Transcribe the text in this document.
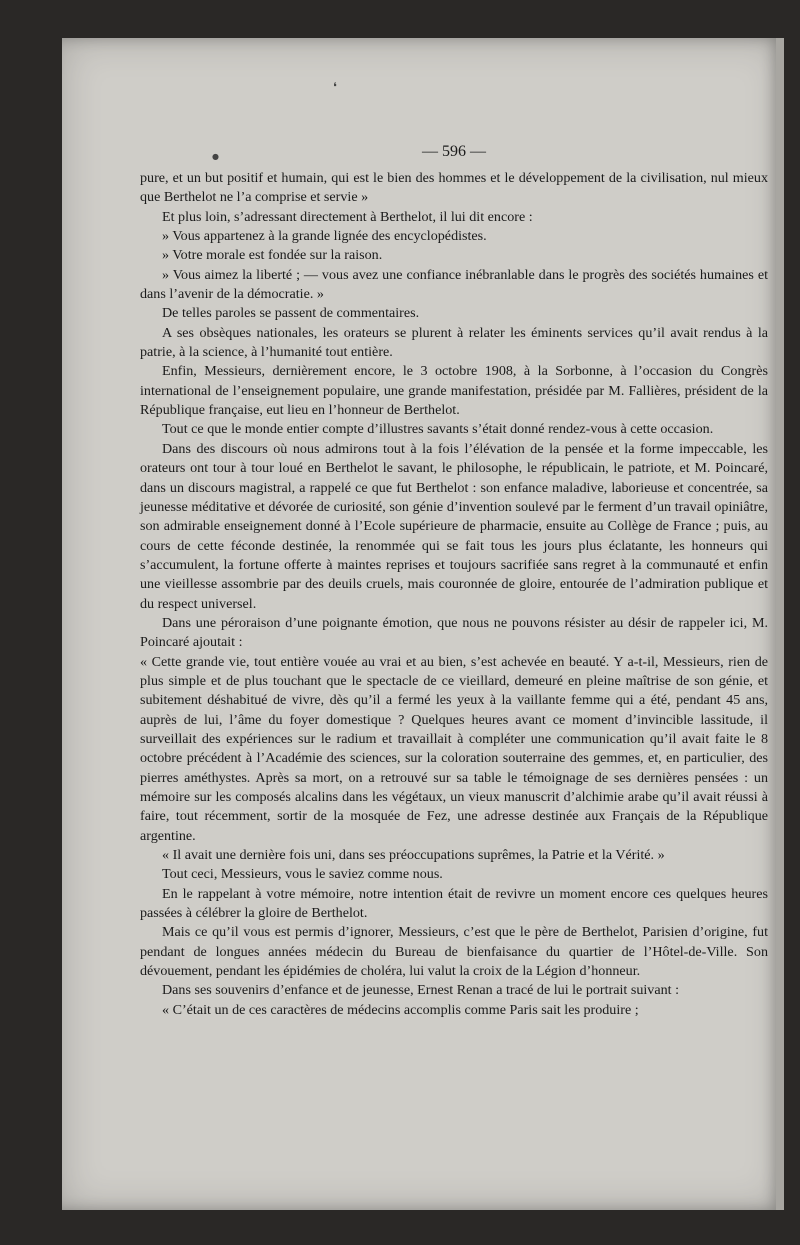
❛
●	— 596 —

pure, et un but positif et humain, qui est le bien des hommes et le développement de la civilisation, nul mieux que Berthelot ne l’a comprise et servie »

Et plus loin, s’adressant directement à Berthelot, il lui dit encore :

» Vous appartenez à la grande lignée des encyclopédistes.

» Votre morale est fondée sur la raison.

» Vous aimez la liberté ; — vous avez une confiance inébranlable dans le progrès des sociétés humaines et dans l’avenir de la démocratie. »

De telles paroles se passent de commentaires.

A ses obsèques nationales, les orateurs se plurent à relater les éminents services qu’il avait rendus à la patrie, à la science, à l’humanité tout entière.

Enfin, Messieurs, dernièrement encore, le 3 octobre 1908, à la Sorbonne, à l’occasion du Congrès international de l’enseignement populaire, une grande manifestation, présidée par M. Fallières, président de la République française, eut lieu en l’honneur de Berthelot.

Tout ce que le monde entier compte d’illustres savants s’était donné rendez-vous à cette occasion.

Dans des discours où nous admirons tout à la fois l’élévation de la pensée et la forme impeccable, les orateurs ont tour à tour loué en Berthelot le savant, le philosophe, le républicain, le patriote, et M. Poincaré, dans un discours magistral, a rappelé ce que fut Berthelot : son enfance maladive, laborieuse et concentrée, sa jeunesse méditative et dévorée de curiosité, son génie d’invention soulevé par le ferment d’un travail opiniâtre, son admirable enseignement donné à l’Ecole supérieure de pharmacie, ensuite au Collège de France ; puis, au cours de cette féconde destinée, la renommée qui se fait tous les jours plus éclatante, les honneurs qui s’accumulent, la fortune offerte à maintes reprises et toujours sacrifiée sans regret à la communauté et enfin une vieillesse assombrie par des deuils cruels, mais couronnée de gloire, entourée de l’admiration publique et du respect universel.

Dans une péroraison d’une poignante émotion, que nous ne pouvons résister au désir de rappeler ici, M. Poincaré ajoutait :

« Cette grande vie, tout entière vouée au vrai et au bien, s’est achevée en beauté. Y a-t-il, Messieurs, rien de plus simple et de plus touchant que le spectacle de ce vieillard, demeuré en pleine maîtrise de son génie, et subitement déshabitué de vivre, dès qu’il a fermé les yeux à la vaillante femme qui a été, pendant 45 ans, auprès de lui, l’âme du foyer domestique ? Quelques heures avant ce moment d’invincible lassitude, il surveillait des expériences sur le radium et travaillait à compléter une communication qu’il avait faite le 8 octobre précédent à l’Académie des sciences, sur la coloration souterraine des gemmes, et, en particulier, des pierres améthystes. Après sa mort, on a retrouvé sur sa table le témoignage de ses dernières pensées : un mémoire sur les composés alcalins dans les végétaux, un vieux manuscrit d’alchimie arabe qu’il avait réussi à faire, tout récemment, sortir de la mosquée de Fez, une adresse destinée aux Français de la République argentine.

« Il avait une dernière fois uni, dans ses préoccupations suprêmes, la Patrie et la Vérité. »

Tout ceci, Messieurs, vous le saviez comme nous.

En le rappelant à votre mémoire, notre intention était de revivre un moment encore ces quelques heures passées à célébrer la gloire de Berthelot.

Mais ce qu’il vous est permis d’ignorer, Messieurs, c’est que le père de Berthelot, Parisien d’origine, fut pendant de longues années médecin du Bureau de bienfaisance du quartier de l’Hôtel-de-Ville. Son dévouement, pendant les épidémies de choléra, lui valut la croix de la Légion d’honneur.

Dans ses souvenirs d’enfance et de jeunesse, Ernest Renan a tracé de lui le portrait suivant :

« C’était un de ces caractères de médecins accomplis comme Paris sait les produire ;
